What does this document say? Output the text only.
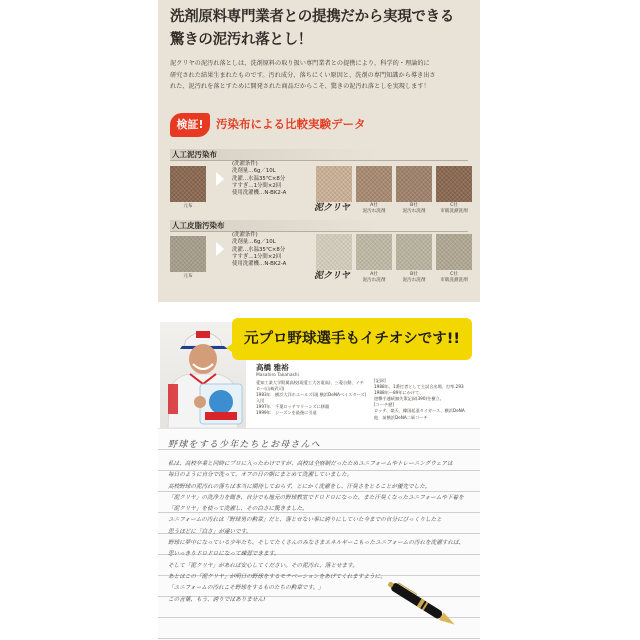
洗剤原料専門業者との提携だから実現できる
驚きの泥汚れ落とし！
泥クリヤの泥汚れ落としは、洗剤原料の取り扱い専門業者との提携により、科学的・理論的に
研究された結果生まれたものです。汚れ成分、落ちにくい原因と、洗剤の専門知識から導き出さ
れた、泥汚れを落とすために開発された商品だからこそ、驚きの泥汚れ落としを実現します！
検証!	汚染布による比較実験データ
人工泥汚染布
元布
(洗濯条件)
洗剤量…6g／10L
洗濯…水温35℃×8分
すすぎ…1分間×2回
使用洗濯機…N-BK2-A
泥クリヤ	A社
泥汚れ洗剤
B社
泥汚れ洗剤
C社
市販洗濯洗剤
人工皮脂汚染布
元布
(洗濯条件)
洗剤量…6g／10L
洗濯…水温35℃×8分
すすぎ…1分間×2回
使用洗濯機…N-BK2-A
泥クリヤ	A社
泥汚れ洗剤
B社
泥汚れ洗剤
C社
市販洗濯洗剤
元プロ野球選手もイチオシです!!
高橋 雅裕
Masahiro Takahashi
愛知工業大学附属高校(現愛工大名電高)、三菱自動、イチロー(山崎武司)
1983年　横浜大洋ホエールズ(現 横浜DeNAベイスターズ)入団
1997年　千葉ロッテマリーンズに移籍
1999年　シーズンを最後に引退
[記録]
1988年、1番打者として主試合出場、打率.293
1988年〜89年にかけて、
遊撃手連続無失策記録(390)を樹立。
[コーチ歴]
ロッテ、楽天、韓国起亜タイガース、横浜DeNA
他　前横浜DeNA二軍コーチ
野球をする少年たちとお母さんへ
私は、高校卒業と同時にプロに入ったわけですが、高校は全寮制だったためユニフォームやトレーニングウェアは
毎日のように自分で洗って、オフの日の朝にまとめて洗濯していました。
高校野球の泥汚れの落ちは本当に期待しておらず、とにかく洗濯をし、汗臭さをとることが優先でした。
「泥クリヤ」の洗浄力を聞き、自分でも地元の野球教室でドロドロになった、また汗臭くなったユニフォームや下着を
「泥クリヤ」を使って洗濯し、その白さに驚きました。
ユニフォームの汚れは「野球男の勲章」だと、落とせない事に誇りにしていた今までの自分にびっくりしたと
思うほどに「白さ」が違いです。
野球に夢中になっている少年たち、そしてたくさんのみなさまエネルギーこもったユニフォームの汚れを洗濯すれば、
思いっきりドロドロになって練習できます。
そして「泥クリヤ」があれば安心してください。その泥汚れ、落とせます。
あとはこの「泥クリヤ」が明日の野球をするモチベーションをあげてくれますように。
「ユニフォームの汚れこそ野球をするものたちの勲章です。」
この言葉、もう、誇りではありません!
